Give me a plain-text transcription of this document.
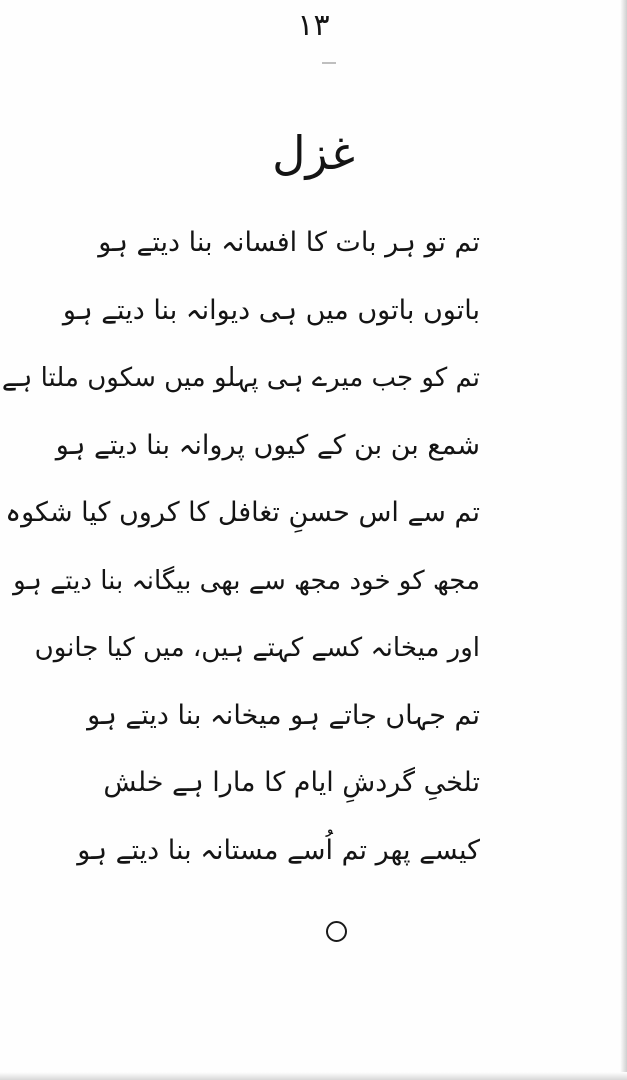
۱۳
غزل
تم تو ہر بات کا افسانہ بنا دیتے ہو
باتوں باتوں میں ہی دیوانہ بنا دیتے ہو
تم کو جب میرے ہی پہلو میں سکوں ملتا ہے
شمع بن بن کے کیوں پروانہ بنا دیتے ہو
تم سے اس حسنِ تغافل کا کروں کیا شکوہ
مجھ کو خود مجھ سے بھی بیگانہ بنا دیتے ہو
اور میخانہ کسے کہتے ہیں، میں کیا جانوں
تم جہاں جاتے ہو میخانہ بنا دیتے ہو
تلخیِ گردشِ ایام کا مارا ہے خلش
کیسے پھر تم اُسے مستانہ بنا دیتے ہو
